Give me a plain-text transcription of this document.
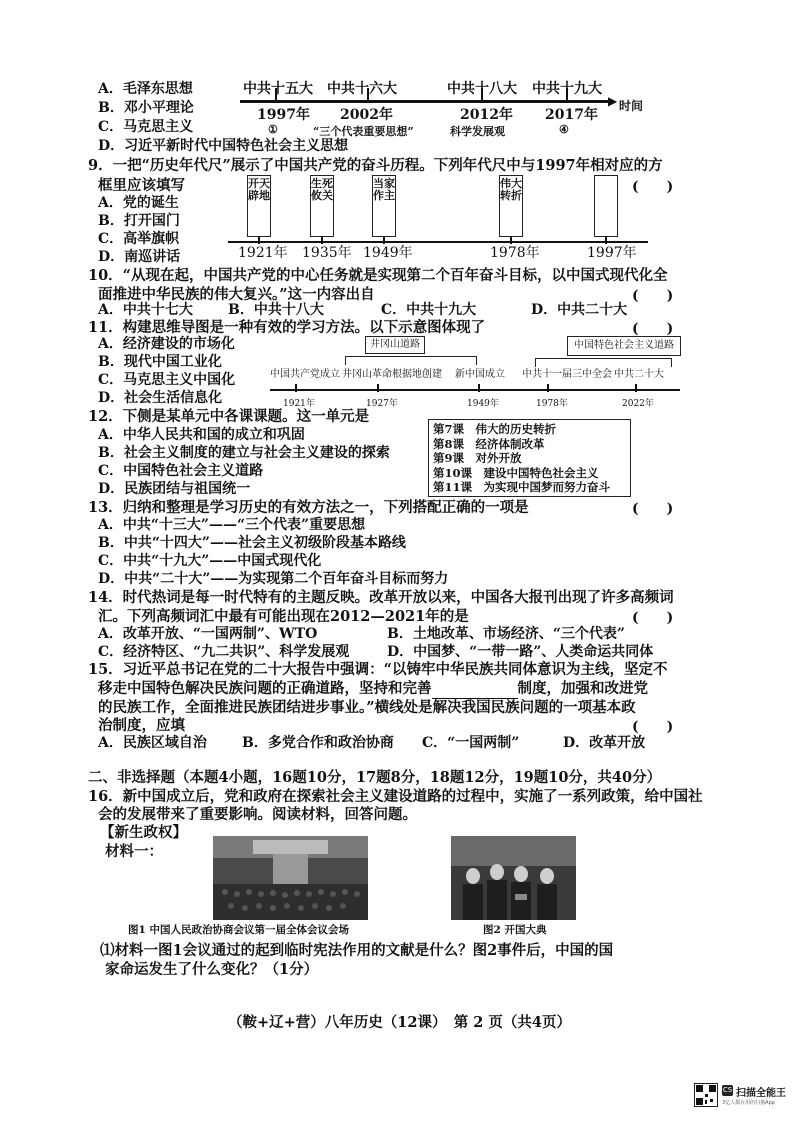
A．毛泽东思想
B．邓小平理论
C．马克思主义
D．习近平新时代中国特色社会主义思想
▶ 时间
中共十五大 中共十六大	中共十八大 中共十九大
1997年 2002年	2012年 2017年
①	“三个代表重要思想”	科学发展观	④
9．一把“历史年代尺”展示了中国共产党的奋斗历程。下列年代尺中与1997年相对应的方
框里应该填写	(　　)
A．党的诞生
B．打开国门
C．高举旗帜
D．南巡讲话
开天辟地
生死攸关
当家作主
伟大转折
1921年 1935年 1949年	1978年	1997年
10．“从现在起，中国共产党的中心任务就是实现第二个百年奋斗目标，以中国式现代化全
面推进中华民族的伟大复兴。”这一内容出自	(　　)
A．中共十七大	B．中共十八大	C．中共十九大	D．中共二十大
11．构建思维导图是一种有效的学习方法。以下示意图体现了	(　　)
A．经济建设的市场化
B．现代中国工业化
C．马克思主义中国化
D．社会生活信息化
井冈山道路	中国特色社会主义道路
中国共产党成立 井冈山革命根据地创建 新中国成立 中共十一届三中全会 中共二十大
1921年	1927年	1949年	1978年	2022年
12．下侧是某单元中各课课题。这一单元是
A．中华人民共和国的成立和巩固
B．社会主义制度的建立与社会主义建设的探索
C．中国特色社会主义道路
D．民族团结与祖国统一
第7课　伟大的历史转折
第8课　经济体制改革
第9课　对外开放
第10课　建设中国特色社会主义
第11课　为实现中国梦而努力奋斗
13．归纳和整理是学习历史的有效方法之一，下列搭配正确的一项是	(　　)
A．中共“十三大”——“三个代表”重要思想
B．中共“十四大”——社会主义初级阶段基本路线
C．中共“十九大”——中国式现代化
D．中共“二十大”——为实现第二个百年奋斗目标而努力
14．时代热词是每一时代特有的主题反映。改革开放以来，中国各大报刊出现了许多高频词
汇。下列高频词汇中最有可能出现在2012—2021年的是	(　　)
A．改革开放、“一国两制”、WTO	B．土地改革、市场经济、“三个代表”
C．经济特区、“九二共识”、科学发展观	D．中国梦、“一带一路”、人类命运共同体
15．习近平总书记在党的二十大报告中强调：“以铸牢中华民族共同体意识为主线，坚定不
移走中国特色解决民族问题的正确道路，坚持和完善	制度，加强和改进党
的民族工作，全面推进民族团结进步事业。”横线处是解决我国民族问题的一项基本政
治制度，应填	(　　)
A．民族区域自治	B．多党合作和政治协商 C．“一国两制”	D．改革开放
二、非选择题（本题4小题，16题10分，17题8分，18题12分，19题10分，共40分）
16．新中国成立后，党和政府在探索社会主义建设道路的过程中，实施了一系列政策，给中国社
会的发展带来了重要影响。阅读材料，回答问题。
【新生政权】
材料一：
图1 中国人民政治协商会议第一届全体会议会场	图2 开国大典
⑴材料一图1会议通过的起到临时宪法作用的文献是什么？图2事件后，中国的国
家命运发生了什么变化？（1分）
（鞍+辽+营）八年历史（12课）　第 2 页（共4页）
CS 扫描全能王
3亿人都在用的扫描App
